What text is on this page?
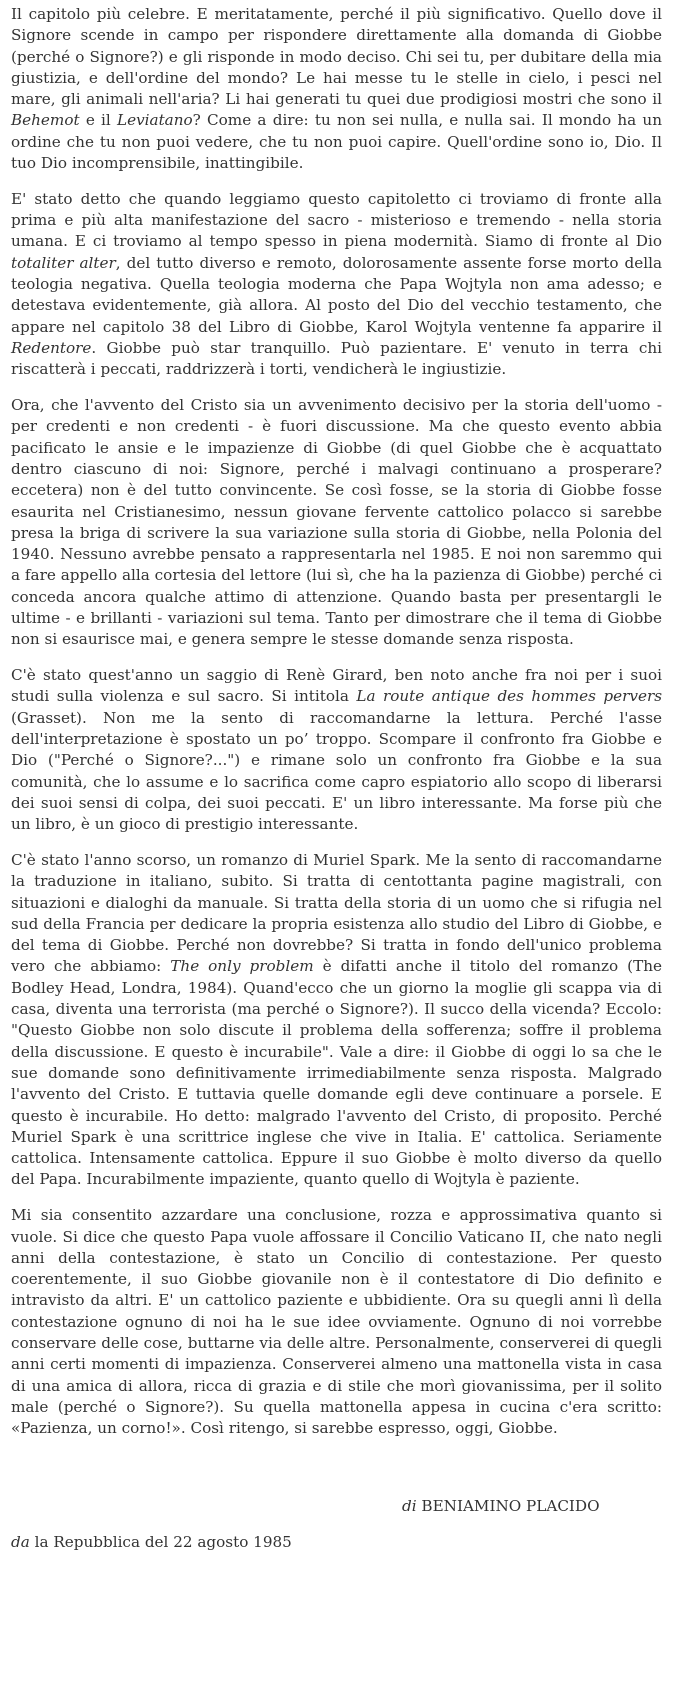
Il capitolo più celebre. E meritatamente, perché il più significativo. Quello dove il Signore scende in campo per rispondere direttamente alla domanda di Giobbe (perché o Signore?) e gli risponde in modo deciso. Chi sei tu, per dubitare della mia giustizia, e dell'ordine del mondo? Le hai messe tu le stelle in cielo, i pesci nel mare, gli animali nell'aria? Li hai generati tu quei due prodigiosi mostri che sono il Behemot e il Leviatano? Come a dire: tu non sei nulla, e nulla sai. Il mondo ha un ordine che tu non puoi vedere, che tu non puoi capire. Quell'ordine sono io, Dio. Il tuo Dio incomprensibile, inattingibile.

E' stato detto che quando leggiamo questo capitoletto ci troviamo di fronte alla prima e più alta manifestazione del sacro - misterioso e tremendo - nella storia umana. E ci troviamo al tempo spesso in piena modernità. Siamo di fronte al Dio totaliter alter, del tutto diverso e remoto, dolorosamente assente forse morto della teologia negativa. Quella teologia moderna che Papa Wojtyla non ama adesso; e detestava evidentemente, già allora. Al posto del Dio del vecchio testamento, che appare nel capitolo 38 del Libro di Giobbe, Karol Wojtyla ventenne fa apparire il Redentore. Giobbe può star tranquillo. Può pazientare. E' venuto in terra chi riscatterà i peccati, raddrizzerà i torti, vendicherà le ingiustizie.

Ora, che l'avvento del Cristo sia un avvenimento decisivo per la storia dell'uomo - per credenti e non credenti - è fuori discussione. Ma che questo evento abbia pacificato le ansie e le impazienze di Giobbe (di quel Giobbe che è acquattato dentro ciascuno di noi: Signore, perché i malvagi continuano a prosperare? eccetera) non è del tutto convincente. Se così fosse, se la storia di Giobbe fosse esaurita nel Cristianesimo, nessun giovane fervente cattolico polacco si sarebbe presa la briga di scrivere la sua variazione sulla storia di Giobbe, nella Polonia del 1940. Nessuno avrebbe pensato a rappresentarla nel 1985. E noi non saremmo qui a fare appello alla cortesia del lettore (lui sì, che ha la pazienza di Giobbe) perché ci conceda ancora qualche attimo di attenzione. Quando basta per presentargli le ultime - e brillanti - variazioni sul tema. Tanto per dimostrare che il tema di Giobbe non si esaurisce mai, e genera sempre le stesse domande senza risposta.

C'è stato quest'anno un saggio di Renè Girard, ben noto anche fra noi per i suoi studi sulla violenza e sul sacro. Si intitola La route antique des hommes pervers (Grasset). Non me la sento di raccomandarne la lettura. Perché l'asse dell'interpretazione è spostato un po’ troppo. Scompare il confronto fra Giobbe e Dio ("Perché o Signore?...") e rimane solo un confronto fra Giobbe e la sua comunità, che lo assume e lo sacrifica come capro espiatorio allo scopo di liberarsi dei suoi sensi di colpa, dei suoi peccati. E' un libro interessante. Ma forse più che un libro, è un gioco di prestigio interessante.

C'è stato l'anno scorso, un romanzo di Muriel Spark. Me la sento di raccomandarne la traduzione in italiano, subito. Si tratta di centottanta pagine magistrali, con situazioni e dialoghi da manuale. Si tratta della storia di un uomo che si rifugia nel sud della Francia per dedicare la propria esistenza allo studio del Libro di Giobbe, e del tema di Giobbe. Perché non dovrebbe? Si tratta in fondo dell'unico problema vero che abbiamo: The only problem è difatti anche il titolo del romanzo (The Bodley Head, Londra, 1984). Quand'ecco che un giorno la moglie gli scappa via di casa, diventa una terrorista (ma perché o Signore?). Il succo della vicenda? Eccolo: "Questo Giobbe non solo discute il problema della sofferenza; soffre il problema della discussione. E questo è incurabile". Vale a dire: il Giobbe di oggi lo sa che le sue domande sono definitivamente irrimediabilmente senza risposta. Malgrado l'avvento del Cristo. E tuttavia quelle domande egli deve continuare a porsele. E questo è incurabile. Ho detto: malgrado l'avvento del Cristo, di proposito. Perché Muriel Spark è una scrittrice inglese che vive in Italia. E' cattolica. Seriamente cattolica. Intensamente cattolica. Eppure il suo Giobbe è molto diverso da quello del Papa. Incurabilmente impaziente, quanto quello di Wojtyla è paziente.

Mi sia consentito azzardare una conclusione, rozza e approssimativa quanto si vuole. Si dice che questo Papa vuole affossare il Concilio Vaticano II, che nato negli anni della contestazione, è stato un Concilio di contestazione. Per questo coerentemente, il suo Giobbe giovanile non è il contestatore di Dio definito e intravisto da altri. E' un cattolico paziente e ubbidiente. Ora su quegli anni lì della contestazione ognuno di noi ha le sue idee ovviamente. Ognuno di noi vorrebbe conservare delle cose, buttarne via delle altre. Personalmente, conserverei di quegli anni certi momenti di impazienza. Conserverei almeno una mattonella vista in casa di una amica di allora, ricca di grazia e di stile che morì giovanissima, per il solito male (perché o Signore?). Su quella mattonella appesa in cucina c'era scritto: «Pazienza, un corno!». Così ritengo, si sarebbe espresso, oggi, Giobbe.

di BENIAMINO PLACIDO
da la Repubblica del 22 agosto 1985
